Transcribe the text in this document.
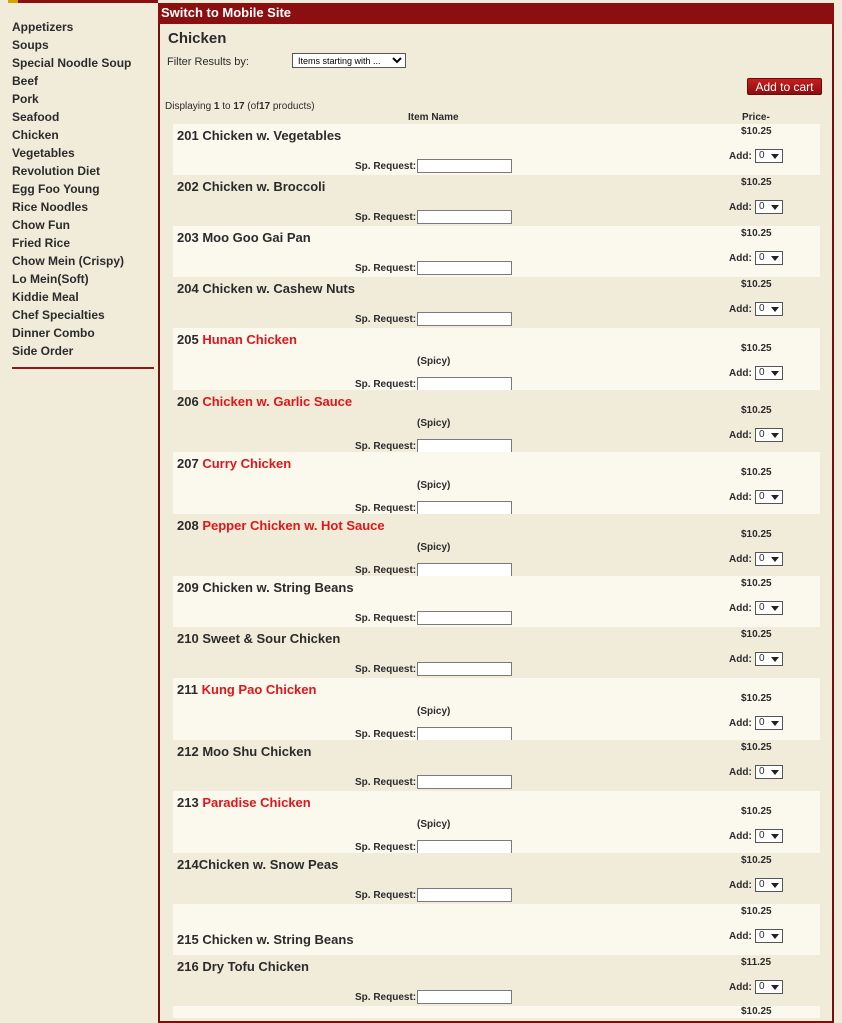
Appetizers
Soups
Special Noodle Soup
Beef
Pork
Seafood
Chicken
Vegetables
Revolution Diet
Egg Foo Young
Rice Noodles
Chow Fun
Fried Rice
Chow Mein (Crispy)
Lo Mein(Soft)
Kiddie Meal
Chef Specialties
Dinner Combo
Side Order
Switch to Mobile Site
Chicken
Filter Results by:
Items starting with ...
Add to cart
Displaying 1 to 17 (of17 products)
Item Name	Price-
$10.25
201 Chicken w. Vegetables
Add: 0
Sp. Request:
$10.25
202 Chicken w. Broccoli
Add: 0
Sp. Request:
$10.25
203 Moo Goo Gai Pan
Add: 0
Sp. Request:
$10.25
204 Chicken w. Cashew Nuts
Add: 0
Sp. Request:
$10.25
205 Hunan Chicken
(Spicy)
Add: 0
Sp. Request:
$10.25
206 Chicken w. Garlic Sauce
(Spicy)
Add: 0
Sp. Request:
$10.25
207 Curry Chicken
(Spicy)
Add: 0
Sp. Request:
$10.25
208 Pepper Chicken w. Hot Sauce
(Spicy)
Add: 0
Sp. Request:
$10.25
209 Chicken w. String Beans
Add: 0
Sp. Request:
$10.25
210 Sweet & Sour Chicken
Add: 0
Sp. Request:
$10.25
211 Kung Pao Chicken
(Spicy)
Add: 0
Sp. Request:
$10.25
212 Moo Shu Chicken
Add: 0
Sp. Request:
$10.25
213 Paradise Chicken
(Spicy)
Add: 0
Sp. Request:
$10.25
214Chicken w. Snow Peas
Add: 0
Sp. Request:
$10.25
215 Chicken w. String Beans	Add: 0
$11.25
216 Dry Tofu Chicken
Add: 0
Sp. Request:
$10.25
